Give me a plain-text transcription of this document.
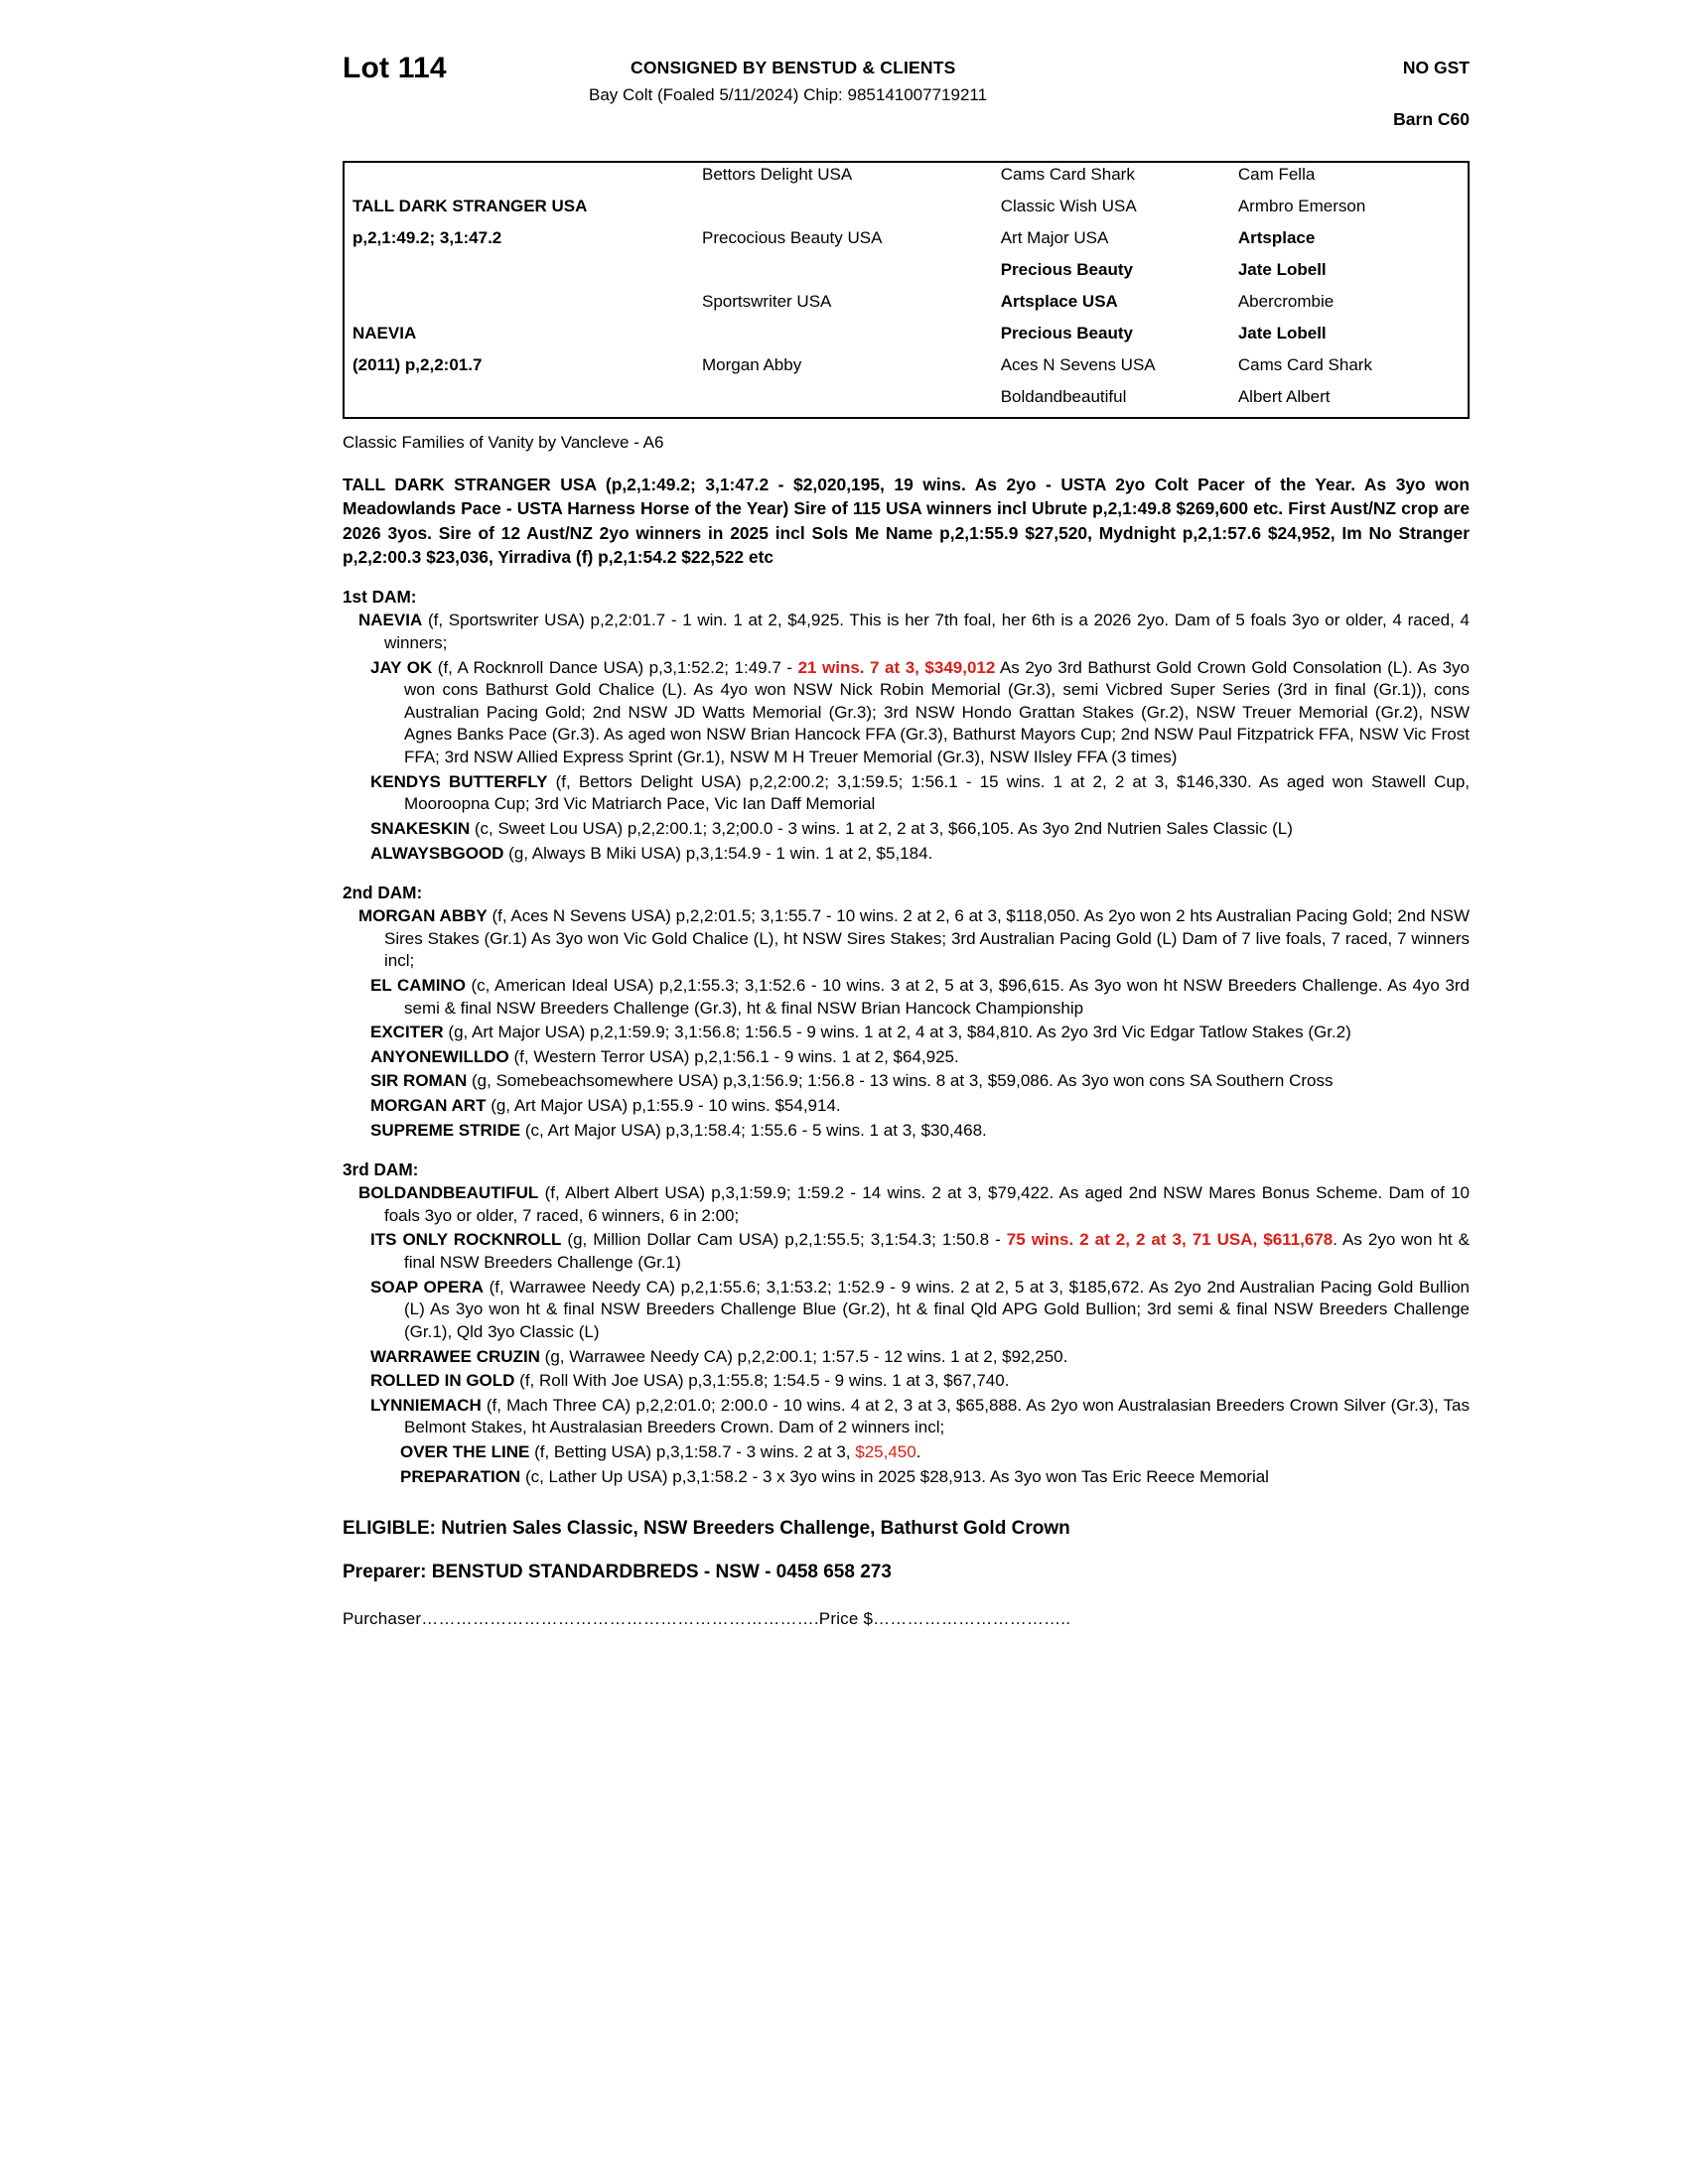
Lot 114	CONSIGNED BY BENSTUD & CLIENTS	NO GST
Bay Colt (Foaled 5/11/2024) Chip: 985141007719211
Barn C60
	Bettors Delight USA	Cams Card Shark	Cam Fella
TALL DARK STRANGER USA		Classic Wish USA	Armbro Emerson
p,2,1:49.2; 3,1:47.2	Precocious Beauty USA	Art Major USA	Artsplace
		Precious Beauty	Jate Lobell
	Sportswriter USA	Artsplace USA	Abercrombie
NAEVIA		Precious Beauty	Jate Lobell
(2011) p,2,2:01.7	Morgan Abby	Aces N Sevens USA	Cams Card Shark
		Boldandbeautiful	Albert Albert
Classic Families of Vanity by Vancleve - A6
TALL DARK STRANGER USA (p,2,1:49.2; 3,1:47.2 - $2,020,195, 19 wins. As 2yo - USTA 2yo Colt Pacer of the Year. As 3yo won Meadowlands Pace - USTA Harness Horse of the Year) Sire of 115 USA winners incl Ubrute p,2,1:49.8 $269,600 etc. First Aust/NZ crop are 2026 3yos. Sire of 12 Aust/NZ 2yo winners in 2025 incl Sols Me Name p,2,1:55.9 $27,520, Mydnight p,2,1:57.6 $24,952, Im No Stranger p,2,2:00.3 $23,036, Yirradiva (f) p,2,1:54.2 $22,522 etc
1st DAM:
NAEVIA (f, Sportswriter USA) p,2,2:01.7 - 1 win. 1 at 2, $4,925. This is her 7th foal, her 6th is a 2026 2yo. Dam of 5 foals 3yo or older, 4 raced, 4 winners;
JAY OK (f, A Rocknroll Dance USA) p,3,1:52.2; 1:49.7 - 21 wins. 7 at 3, $349,012 As 2yo 3rd Bathurst Gold Crown Gold Consolation (L). As 3yo won cons Bathurst Gold Chalice (L). As 4yo won NSW Nick Robin Memorial (Gr.3), semi Vicbred Super Series (3rd in final (Gr.1)), cons Australian Pacing Gold; 2nd NSW JD Watts Memorial (Gr.3); 3rd NSW Hondo Grattan Stakes (Gr.2), NSW Treuer Memorial (Gr.2), NSW Agnes Banks Pace (Gr.3). As aged won NSW Brian Hancock FFA (Gr.3), Bathurst Mayors Cup; 2nd NSW Paul Fitzpatrick FFA, NSW Vic Frost FFA; 3rd NSW Allied Express Sprint (Gr.1), NSW M H Treuer Memorial (Gr.3), NSW Ilsley FFA (3 times)
KENDYS BUTTERFLY (f, Bettors Delight USA) p,2,2:00.2; 3,1:59.5; 1:56.1 - 15 wins. 1 at 2, 2 at 3, $146,330. As aged won Stawell Cup, Mooroopna Cup; 3rd Vic Matriarch Pace, Vic Ian Daff Memorial
SNAKESKIN (c, Sweet Lou USA) p,2,2:00.1; 3,2;00.0 - 3 wins. 1 at 2, 2 at 3, $66,105. As 3yo 2nd Nutrien Sales Classic (L)
ALWAYSBGOOD (g, Always B Miki USA) p,3,1:54.9 - 1 win. 1 at 2, $5,184.
2nd DAM:
MORGAN ABBY (f, Aces N Sevens USA) p,2,2:01.5; 3,1:55.7 - 10 wins. 2 at 2, 6 at 3, $118,050. As 2yo won 2 hts Australian Pacing Gold; 2nd NSW Sires Stakes (Gr.1) As 3yo won Vic Gold Chalice (L), ht NSW Sires Stakes; 3rd Australian Pacing Gold (L) Dam of 7 live foals, 7 raced, 7 winners incl;
EL CAMINO (c, American Ideal USA) p,2,1:55.3; 3,1:52.6 - 10 wins. 3 at 2, 5 at 3, $96,615. As 3yo won ht NSW Breeders Challenge. As 4yo 3rd semi & final NSW Breeders Challenge (Gr.3), ht & final NSW Brian Hancock Championship
EXCITER (g, Art Major USA) p,2,1:59.9; 3,1:56.8; 1:56.5 - 9 wins. 1 at 2, 4 at 3, $84,810. As 2yo 3rd Vic Edgar Tatlow Stakes (Gr.2)
ANYONEWILLDO (f, Western Terror USA) p,2,1:56.1 - 9 wins. 1 at 2, $64,925.
SIR ROMAN (g, Somebeachsomewhere USA) p,3,1:56.9; 1:56.8 - 13 wins. 8 at 3, $59,086. As 3yo won cons SA Southern Cross
MORGAN ART (g, Art Major USA) p,1:55.9 - 10 wins. $54,914.
SUPREME STRIDE (c, Art Major USA) p,3,1:58.4; 1:55.6 - 5 wins. 1 at 3, $30,468.
3rd DAM:
BOLDANDBEAUTIFUL (f, Albert Albert USA) p,3,1:59.9; 1:59.2 - 14 wins. 2 at 3, $79,422. As aged 2nd NSW Mares Bonus Scheme. Dam of 10 foals 3yo or older, 7 raced, 6 winners, 6 in 2:00;
ITS ONLY ROCKNROLL (g, Million Dollar Cam USA) p,2,1:55.5; 3,1:54.3; 1:50.8 - 75 wins. 2 at 2, 2 at 3, 71 USA, $611,678. As 2yo won ht & final NSW Breeders Challenge (Gr.1)
SOAP OPERA (f, Warrawee Needy CA) p,2,1:55.6; 3,1:53.2; 1:52.9 - 9 wins. 2 at 2, 5 at 3, $185,672. As 2yo 2nd Australian Pacing Gold Bullion (L) As 3yo won ht & final NSW Breeders Challenge Blue (Gr.2), ht & final Qld APG Gold Bullion; 3rd semi & final NSW Breeders Challenge (Gr.1), Qld 3yo Classic (L)
WARRAWEE CRUZIN (g, Warrawee Needy CA) p,2,2:00.1; 1:57.5 - 12 wins. 1 at 2, $92,250.
ROLLED IN GOLD (f, Roll With Joe USA) p,3,1:55.8; 1:54.5 - 9 wins. 1 at 3, $67,740.
LYNNIEMACH (f, Mach Three CA) p,2,2:01.0; 2:00.0 - 10 wins. 4 at 2, 3 at 3, $65,888. As 2yo won Australasian Breeders Crown Silver (Gr.3), Tas Belmont Stakes, ht Australasian Breeders Crown. Dam of 2 winners incl;
OVER THE LINE (f, Betting USA) p,3,1:58.7 - 3 wins. 2 at 3, $25,450.
PREPARATION (c, Lather Up USA) p,3,1:58.2 - 3 x 3yo wins in 2025 $28,913. As 3yo won Tas Eric Reece Memorial
ELIGIBLE: Nutrien Sales Classic, NSW Breeders Challenge, Bathurst Gold Crown
Preparer: BENSTUD STANDARDBREDS - NSW - 0458 658 273
Purchaser…………………………………………………………….Price $……………………………..
